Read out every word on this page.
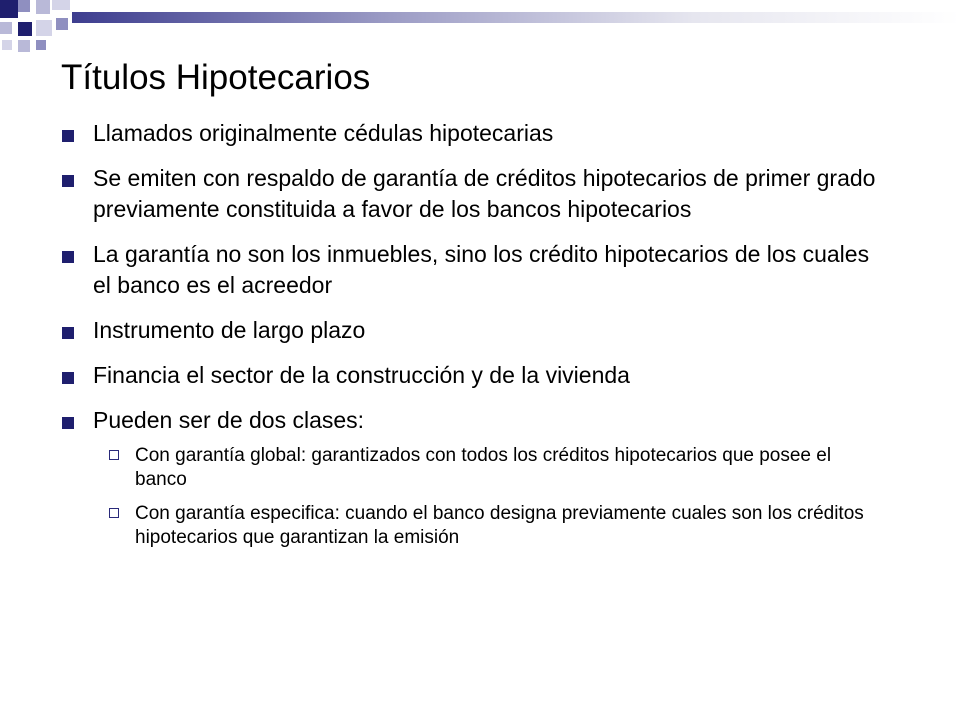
Títulos Hipotecarios
Llamados originalmente cédulas hipotecarias
Se emiten con respaldo de garantía de créditos hipotecarios de primer grado previamente constituida a favor de los bancos hipotecarios
La garantía no son los inmuebles, sino los crédito hipotecarios de los cuales el banco es el acreedor
Instrumento de largo plazo
Financia el sector de la construcción y de la vivienda
Pueden ser de dos clases:
Con garantía global: garantizados con todos los créditos hipotecarios que posee el banco
Con garantía especifica: cuando el banco designa previamente cuales son los créditos hipotecarios que garantizan la emisión
